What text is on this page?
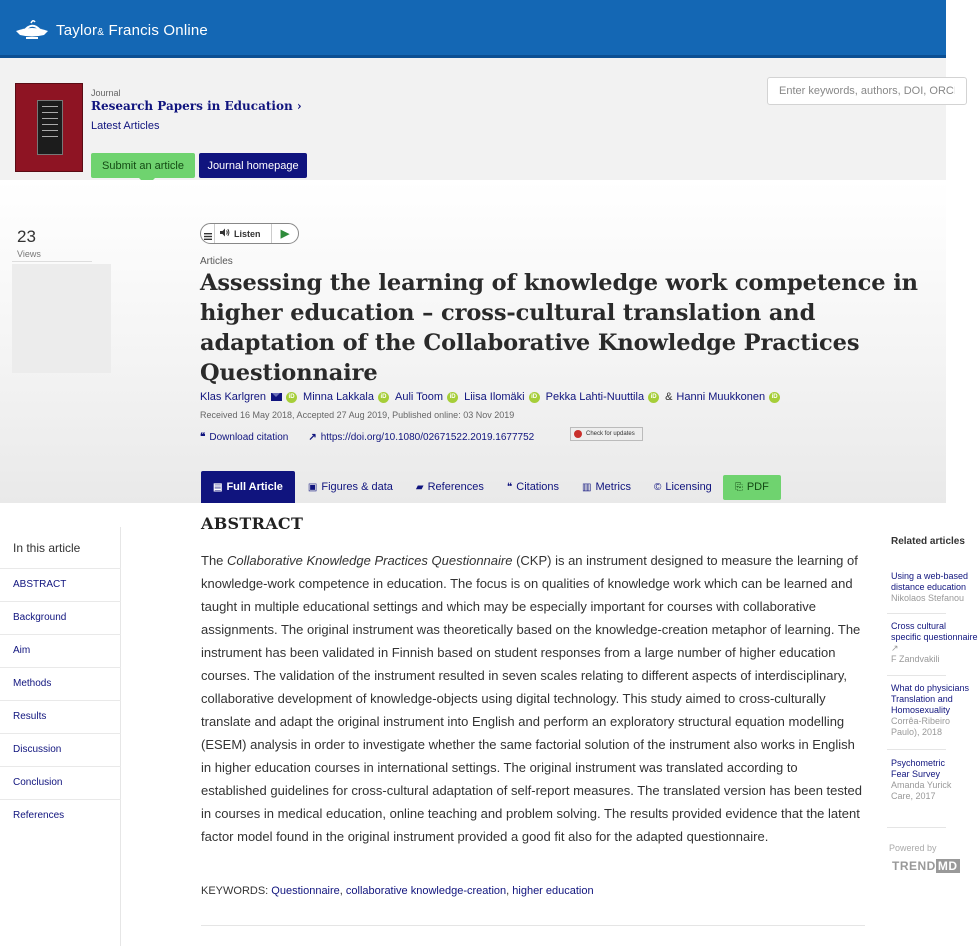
Taylor& Francis Online
Journal
Research Papers in Education ›
Latest Articles
Submit an article	Journal homepage
Enter keywords, authors, DOI, ORCID or phrase
23
Views
Listen	▶
Articles
Assessing the learning of knowledge work competence in higher education – cross-cultural translation and adaptation of the Collaborative Knowledge Practices Questionnaire
Klas Karlgren	iD Minna Lakkala	iD Auli Toom	iD Liisa Ilomäki	iD Pekka Lahti-Nuuttila	iD & Hanni Muukkonen	iD
Received 16 May 2018, Accepted 27 Aug 2019, Published online: 03 Nov 2019
❝ Download citation ↗ https://doi.org/10.1080/02671522.2019.1677752	Check for updates
▤ Full Article	▣ Figures & data ▰ References ❝ Citations ▥ Metrics © Licensing ⎘ PDF
In this article
ABSTRACT
Background
Aim
Methods
Results
Discussion
Conclusion
References
ABSTRACT

The Collaborative Knowledge Practices Questionnaire (CKP) is an instrument designed to measure the learning of knowledge-work competence in education. The focus is on qualities of knowledge work which can be learned and taught in multiple educational settings and which may be especially important for courses with collaborative assignments. The original instrument was theoretically based on the knowledge-creation metaphor of learning. The instrument has been validated in Finnish based on student responses from a large number of higher education courses. The validation of the instrument resulted in seven scales relating to different aspects of interdisciplinary, collaborative development of knowledge-objects using digital technology. This study aimed to cross-culturally translate and adapt the original instrument into English and perform an exploratory structural equation modelling (ESEM) analysis in order to investigate whether the same factorial solution of the instrument also works in English in higher education courses in international settings. The original instrument was translated according to established guidelines for cross-cultural adaptation of self-report measures. The translated version has been tested in courses in medical education, online teaching and problem solving. The results provided evidence that the latent factor model found in the original instrument provided a good fit also for the adapted questionnaire.

KEYWORDS: Questionnaire, collaborative knowledge-creation, higher education
Related articles
Using a web-based
distance education
Nikolaos Stefanou
Cross cultural
specific questionnaire
↗
F Zandvakili
What do physicians
Translation and
Homosexuality
Corrêa-Ribeiro
Paulo), 2018
Psychometric
Fear Survey
Amanda Yurick
Care, 2017
Powered by
TREND MD
